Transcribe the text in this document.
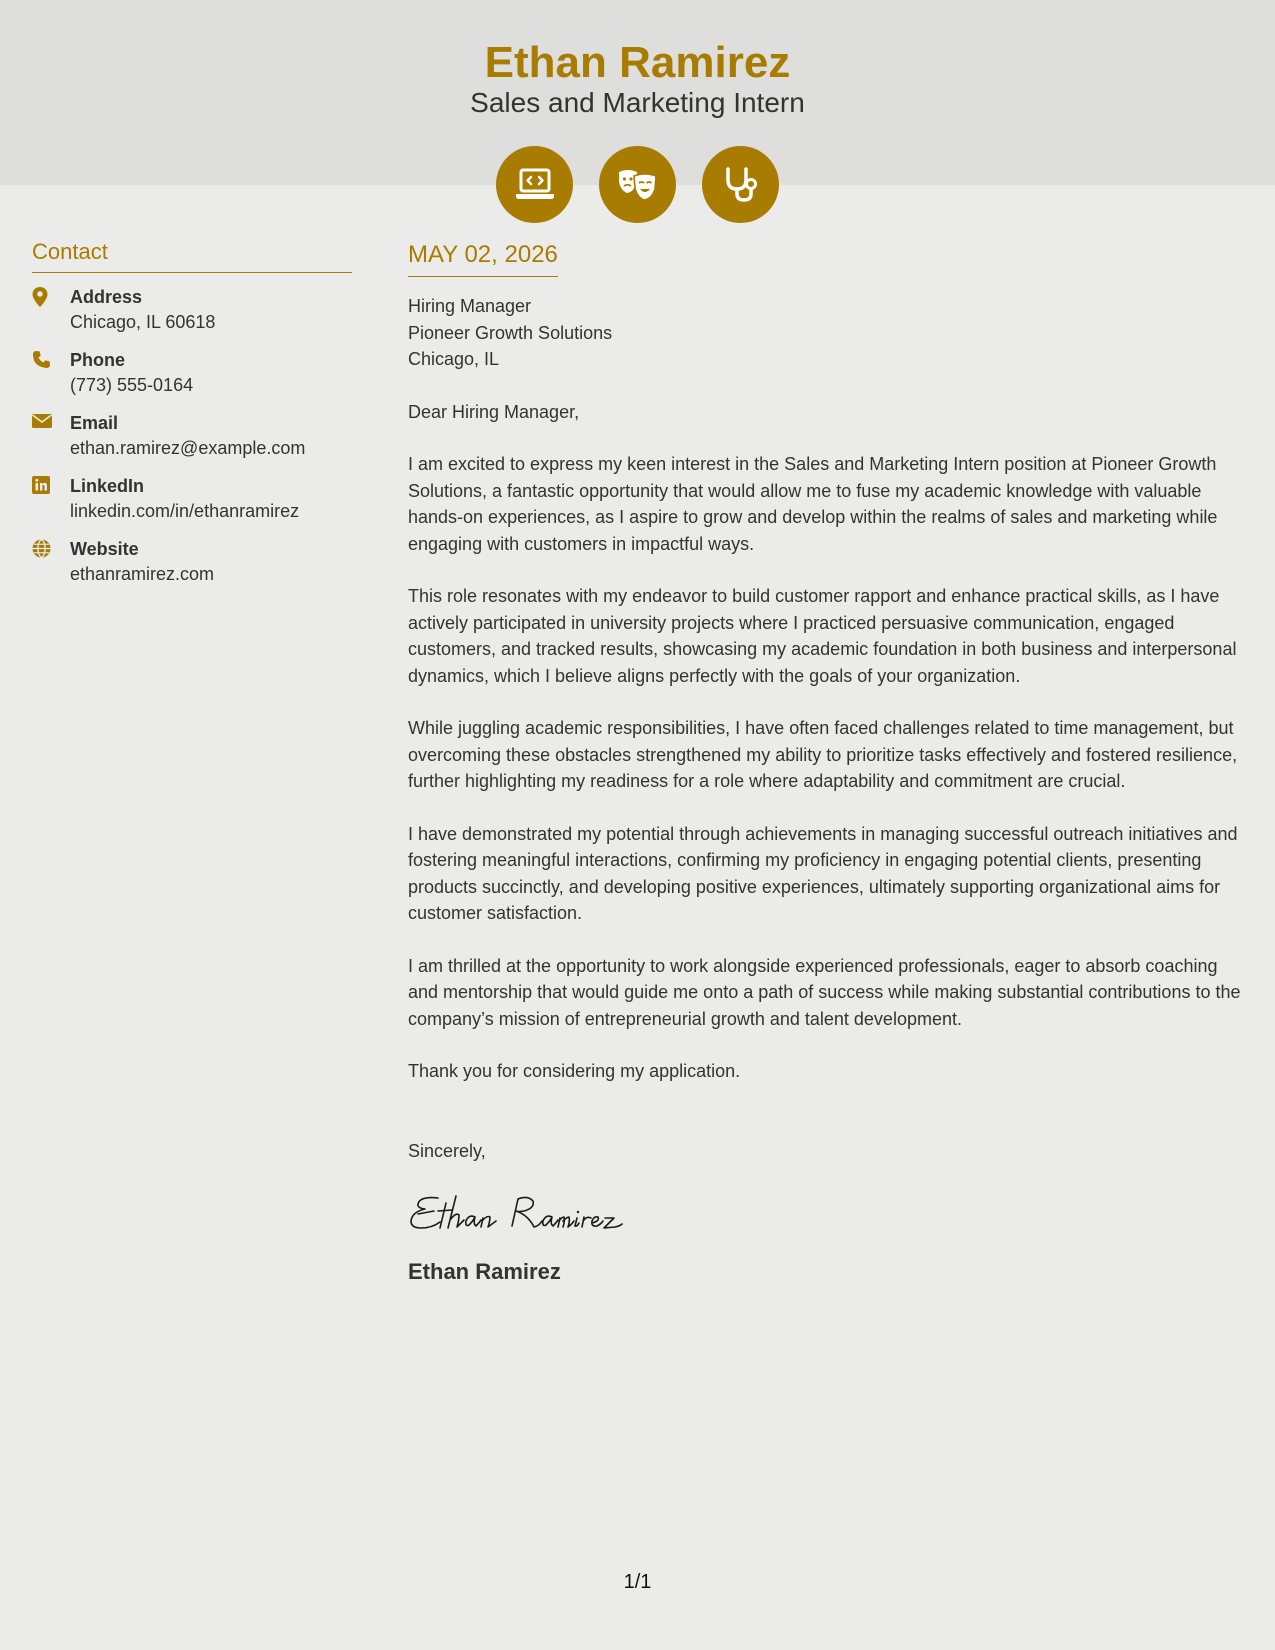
Ethan Ramirez
Sales and Marketing Intern
Contact
Address
Chicago, IL 60618
Phone
(773) 555-0164
Email
ethan.ramirez@example.com
LinkedIn
linkedin.com/in/ethanramirez
Website
ethanramirez.com
MAY 02, 2026
Hiring Manager
Pioneer Growth Solutions
Chicago, IL
Dear Hiring Manager,
I am excited to express my keen interest in the Sales and Marketing Intern position at Pioneer Growth Solutions, a fantastic opportunity that would allow me to fuse my academic knowledge with valuable hands-on experiences, as I aspire to grow and develop within the realms of sales and marketing while engaging with customers in impactful ways.
This role resonates with my endeavor to build customer rapport and enhance practical skills, as I have actively participated in university projects where I practiced persuasive communication, engaged customers, and tracked results, showcasing my academic foundation in both business and interpersonal dynamics, which I believe aligns perfectly with the goals of your organization.
While juggling academic responsibilities, I have often faced challenges related to time management, but overcoming these obstacles strengthened my ability to prioritize tasks effectively and fostered resilience, further highlighting my readiness for a role where adaptability and commitment are crucial.
I have demonstrated my potential through achievements in managing successful outreach initiatives and fostering meaningful interactions, confirming my proficiency in engaging potential clients, presenting products succinctly, and developing positive experiences, ultimately supporting organizational aims for customer satisfaction.
I am thrilled at the opportunity to work alongside experienced professionals, eager to absorb coaching and mentorship that would guide me onto a path of success while making substantial contributions to the company’s mission of entrepreneurial growth and talent development.
Thank you for considering my application.
Sincerely,
Ethan Ramirez
1/1
